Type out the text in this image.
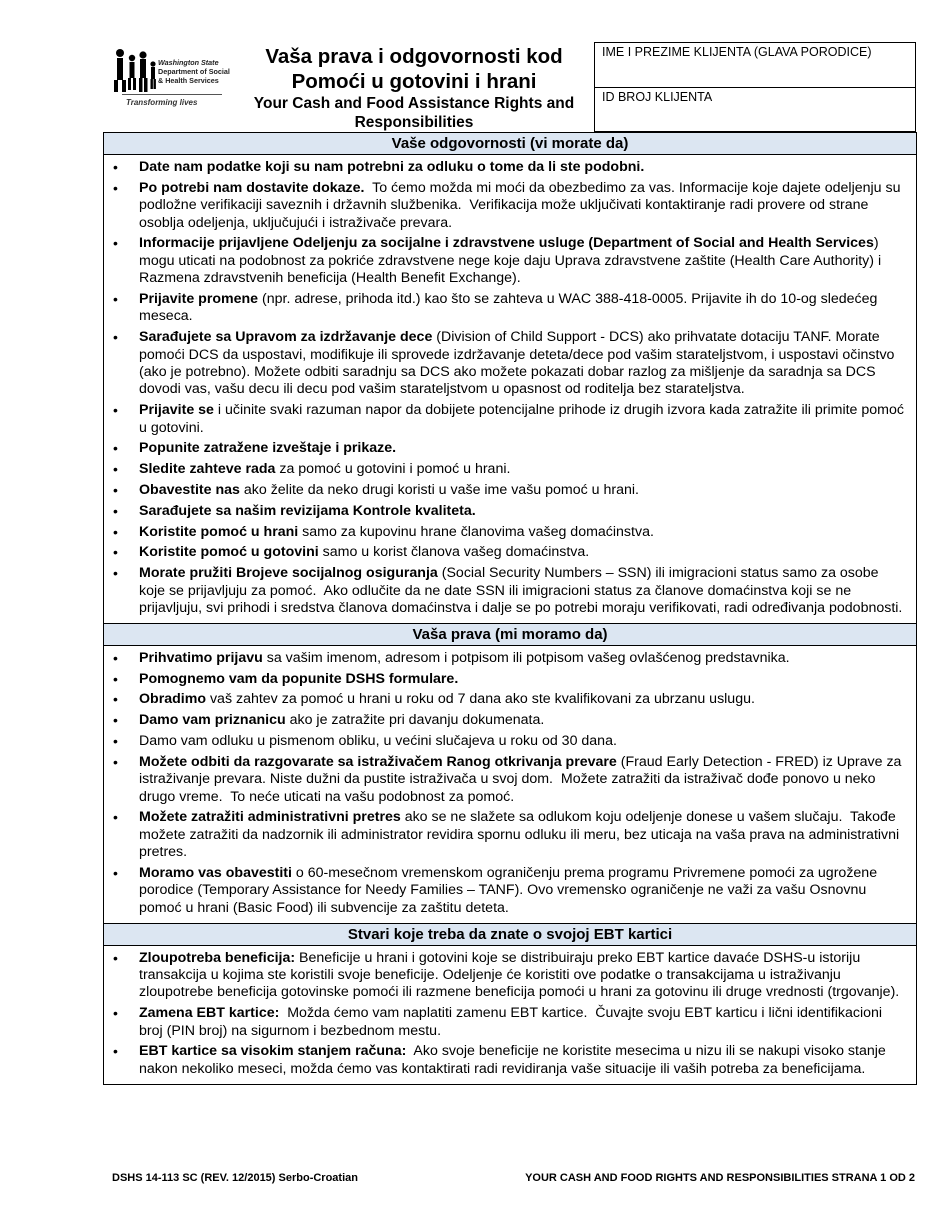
Washington State
Department of Social
& Health Services
Transforming lives
Vaša prava i odgovornosti kod Pomoći u gotovini i hrani
Your Cash and Food Assistance Rights and Responsibilities
IME I PREZIME KLIJENTA (GLAVA PORODICE)
ID BROJ KLIJENTA
Vaše odgovornosti (vi morate da)
• Date nam podatke koji su nam potrebni za odluku o tome da li ste podobni.
• Po potrebi nam dostavite dokaze.  To ćemo možda mi moći da obezbedimo za vas. Informacije koje dajete odeljenju su podložne verifikaciji saveznih i državnih službenika.  Verifikacija može uključivati kontaktiranje radi provere od strane osoblja odeljenja, uključujući i istraživače prevara.
• Informacije prijavljene Odeljenju za socijalne i zdravstvene usluge (Department of Social and Health Services) mogu uticati na podobnost za pokriće zdravstvene nege koje daju Uprava zdravstvene zaštite (Health Care Authority) i Razmena zdravstvenih beneficija (Health Benefit Exchange).
• Prijavite promene (npr. adrese, prihoda itd.) kao što se zahteva u WAC 388-418-0005. Prijavite ih do 10-og sledećeg meseca.
• Sarađujete sa Upravom za izdržavanje dece (Division of Child Support - DCS) ako prihvatate dotaciju TANF. Morate pomoći DCS da uspostavi, modifikuje ili sprovede izdržavanje deteta/dece pod vašim starateljstvom, i uspostavi očinstvo (ako je potrebno). Možete odbiti saradnju sa DCS ako možete pokazati dobar razlog za mišljenje da saradnja sa DCS dovodi vas, vašu decu ili decu pod vašim starateljstvom u opasnost od roditelja bez starateljstva.
• Prijavite se i učinite svaki razuman napor da dobijete potencijalne prihode iz drugih izvora kada zatražite ili primite pomoć u gotovini.
• Popunite zatražene izveštaje i prikaze.
• Sledite zahteve rada za pomoć u gotovini i pomoć u hrani.
• Obavestite nas ako želite da neko drugi koristi u vaše ime vašu pomoć u hrani.
• Sarađujete sa našim revizijama Kontrole kvaliteta.
• Koristite pomoć u hrani samo za kupovinu hrane članovima vašeg domaćinstva.
• Koristite pomoć u gotovini samo u korist članova vašeg domaćinstva.
• Morate pružiti Brojeve socijalnog osiguranja (Social Security Numbers – SSN) ili imigracioni status samo za osobe koje se prijavljuju za pomoć.  Ako odlučite da ne date SSN ili imigracioni status za članove domaćinstva koji se ne prijavljuju, svi prihodi i sredstva članova domaćinstva i dalje se po potrebi moraju verifikovati, radi određivanja podobnosti.
Vaša prava (mi moramo da)
• Prihvatimo prijavu sa vašim imenom, adresom i potpisom ili potpisom vašeg ovlašćenog predstavnika.
• Pomognemo vam da popunite DSHS formulare.
• Obradimo vaš zahtev za pomoć u hrani u roku od 7 dana ako ste kvalifikovani za ubrzanu uslugu.
• Damo vam priznanicu ako je zatražite pri davanju dokumenata.
• Damo vam odluku u pismenom obliku, u većini slučajeva u roku od 30 dana.
• Možete odbiti da razgovarate sa istraživačem Ranog otkrivanja prevare (Fraud Early Detection - FRED) iz Uprave za istraživanje prevara. Niste dužni da pustite istraživača u svoj dom.  Možete zatražiti da istraživač dođe ponovo u neko drugo vreme.  To neće uticati na vašu podobnost za pomoć.
• Možete zatražiti administrativni pretres ako se ne slažete sa odlukom koju odeljenje donese u vašem slučaju.  Takođe možete zatražiti da nadzornik ili administrator revidira spornu odluku ili meru, bez uticaja na vaša prava na administrativni pretres.
• Moramo vas obavestiti o 60-mesečnom vremenskom ograničenju prema programu Privremene pomoći za ugrožene porodice (Temporary Assistance for Needy Families – TANF). Ovo vremensko ograničenje ne važi za vašu Osnovnu pomoć u hrani (Basic Food) ili subvencije za zaštitu deteta.
Stvari koje treba da znate o svojoj EBT kartici
• Zloupotreba beneficija: Beneficije u hrani i gotovini koje se distribuiraju preko EBT kartice davaće DSHS-u istoriju transakcija u kojima ste koristili svoje beneficije. Odeljenje će koristiti ove podatke o transakcijama u istraživanju zloupotrebe beneficija gotovinske pomoći ili razmene beneficija pomoći u hrani za gotovinu ili druge vrednosti (trgovanje).
• Zamena EBT kartice:  Možda ćemo vam naplatiti zamenu EBT kartice.  Čuvajte svoju EBT karticu i lični identifikacioni broj (PIN broj) na sigurnom i bezbednom mestu.
• EBT kartice sa visokim stanjem računa:  Ako svoje beneficije ne koristite mesecima u nizu ili se nakupi visoko stanje nakon nekoliko meseci, možda ćemo vas kontaktirati radi revidiranja vaše situacije ili vaših potreba za beneficijama.
DSHS 14-113 SC (REV. 12/2015) Serbo-Croatian	YOUR CASH AND FOOD RIGHTS AND RESPONSIBILITIES STRANA 1 OD 2
